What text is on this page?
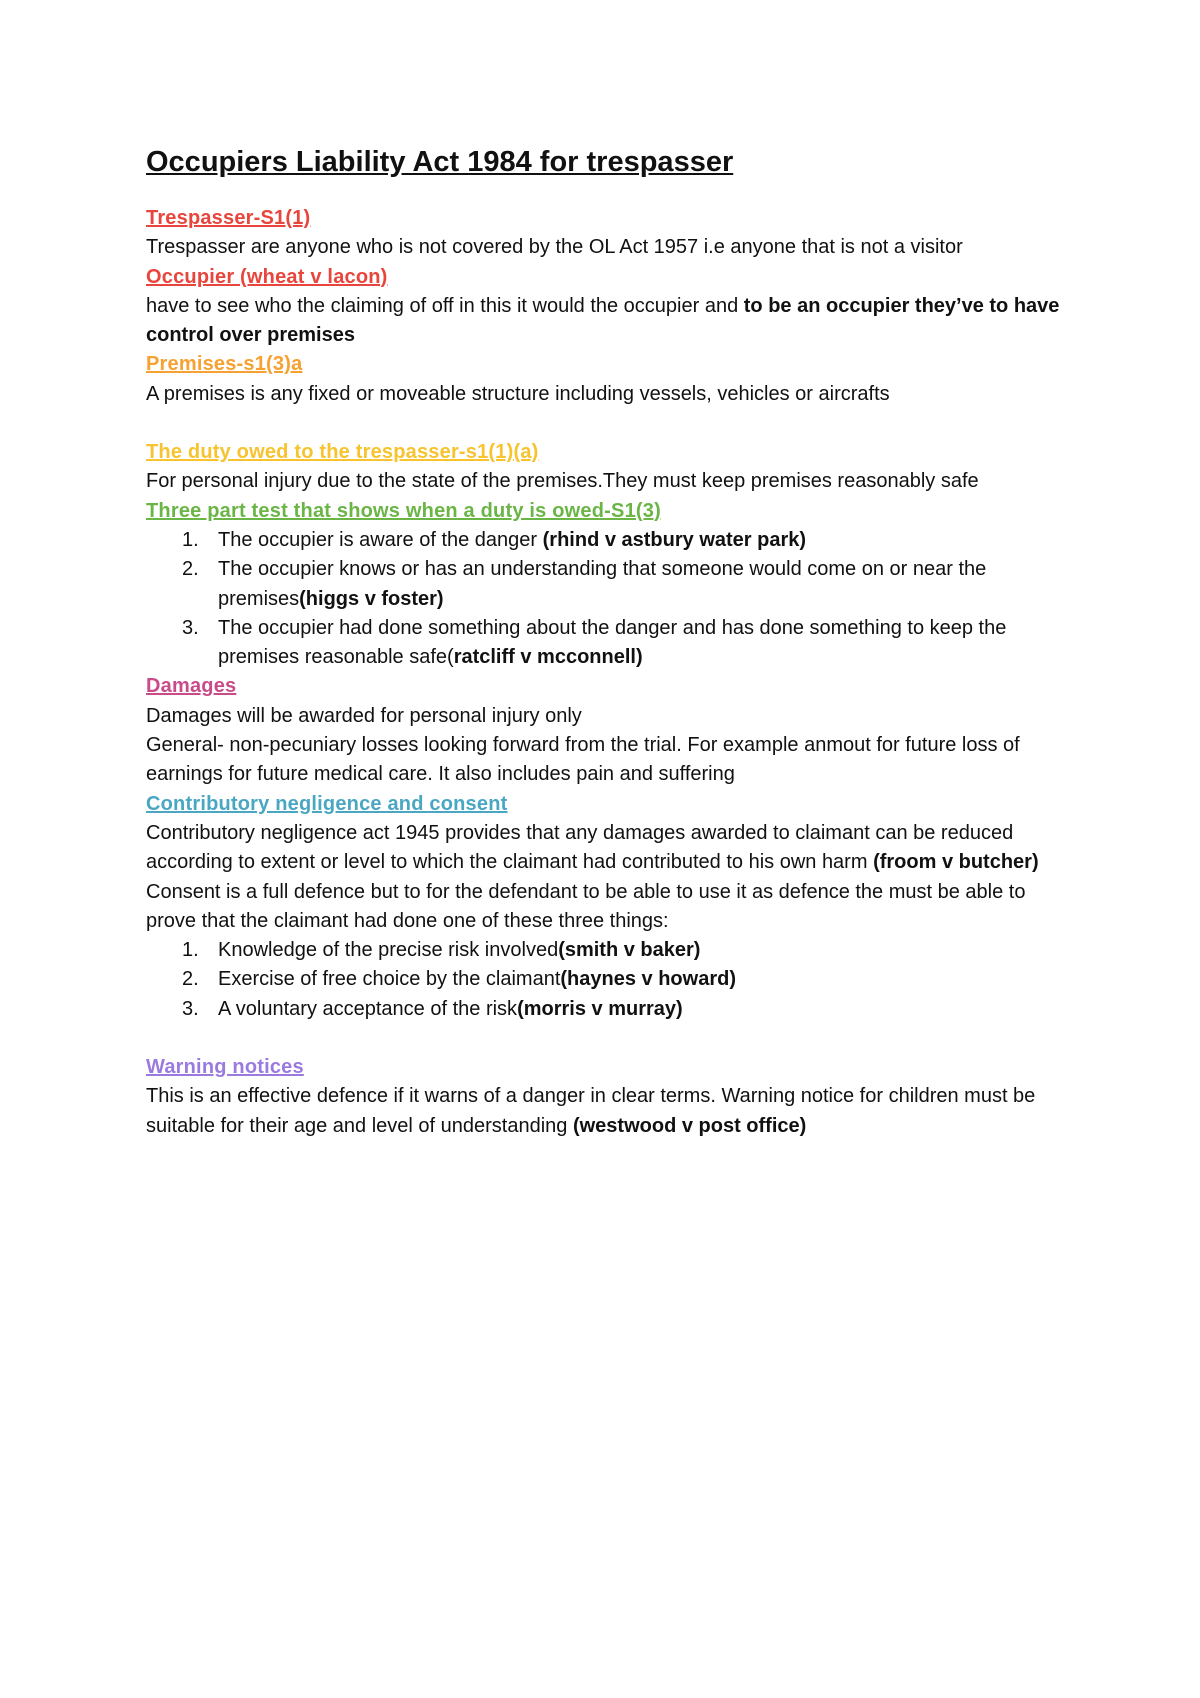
Occupiers Liability Act 1984 for trespasser
Trespasser-S1(1)
Trespasser are anyone who is not covered by the OL Act 1957 i.e anyone that is not a visitor
Occupier (wheat v lacon)
have to see who the claiming of off in this it would the occupier and to be an occupier they’ve to have control over premises
Premises-s1(3)a
A premises is any fixed or moveable structure including vessels, vehicles or aircrafts
The duty owed to the trespasser-s1(1)(a)
For personal injury due to the state of the premises.They must keep premises reasonably safe
Three part test that shows when a duty is owed-S1(3)
1. The occupier is aware of the danger (rhind v astbury water park)
2. The occupier knows or has an understanding that someone would come on or near the premises(higgs v foster)
3. The occupier had done something about the danger and has done something to keep the premises reasonable safe(ratcliff v mcconnell)
Damages
Damages will be awarded for personal injury only
General- non-pecuniary losses looking forward from the trial. For example anmout for future loss of earnings for future medical care. It also includes pain and suffering
Contributory negligence and consent
Contributory negligence act 1945 provides that any damages awarded to claimant can be reduced according to extent or level to which the claimant had contributed to his own harm (froom v butcher)
Consent is a full defence but to for the defendant to be able to use it as defence the must be able to prove that the claimant had done one of these three things:
1. Knowledge of the precise risk involved(smith v baker)
2. Exercise of free choice by the claimant(haynes v howard)
3. A voluntary acceptance of the risk(morris v murray)
Warning notices
This is an effective defence if it warns of a danger in clear terms. Warning notice for children must be suitable for their age and level of understanding (westwood v post office)
